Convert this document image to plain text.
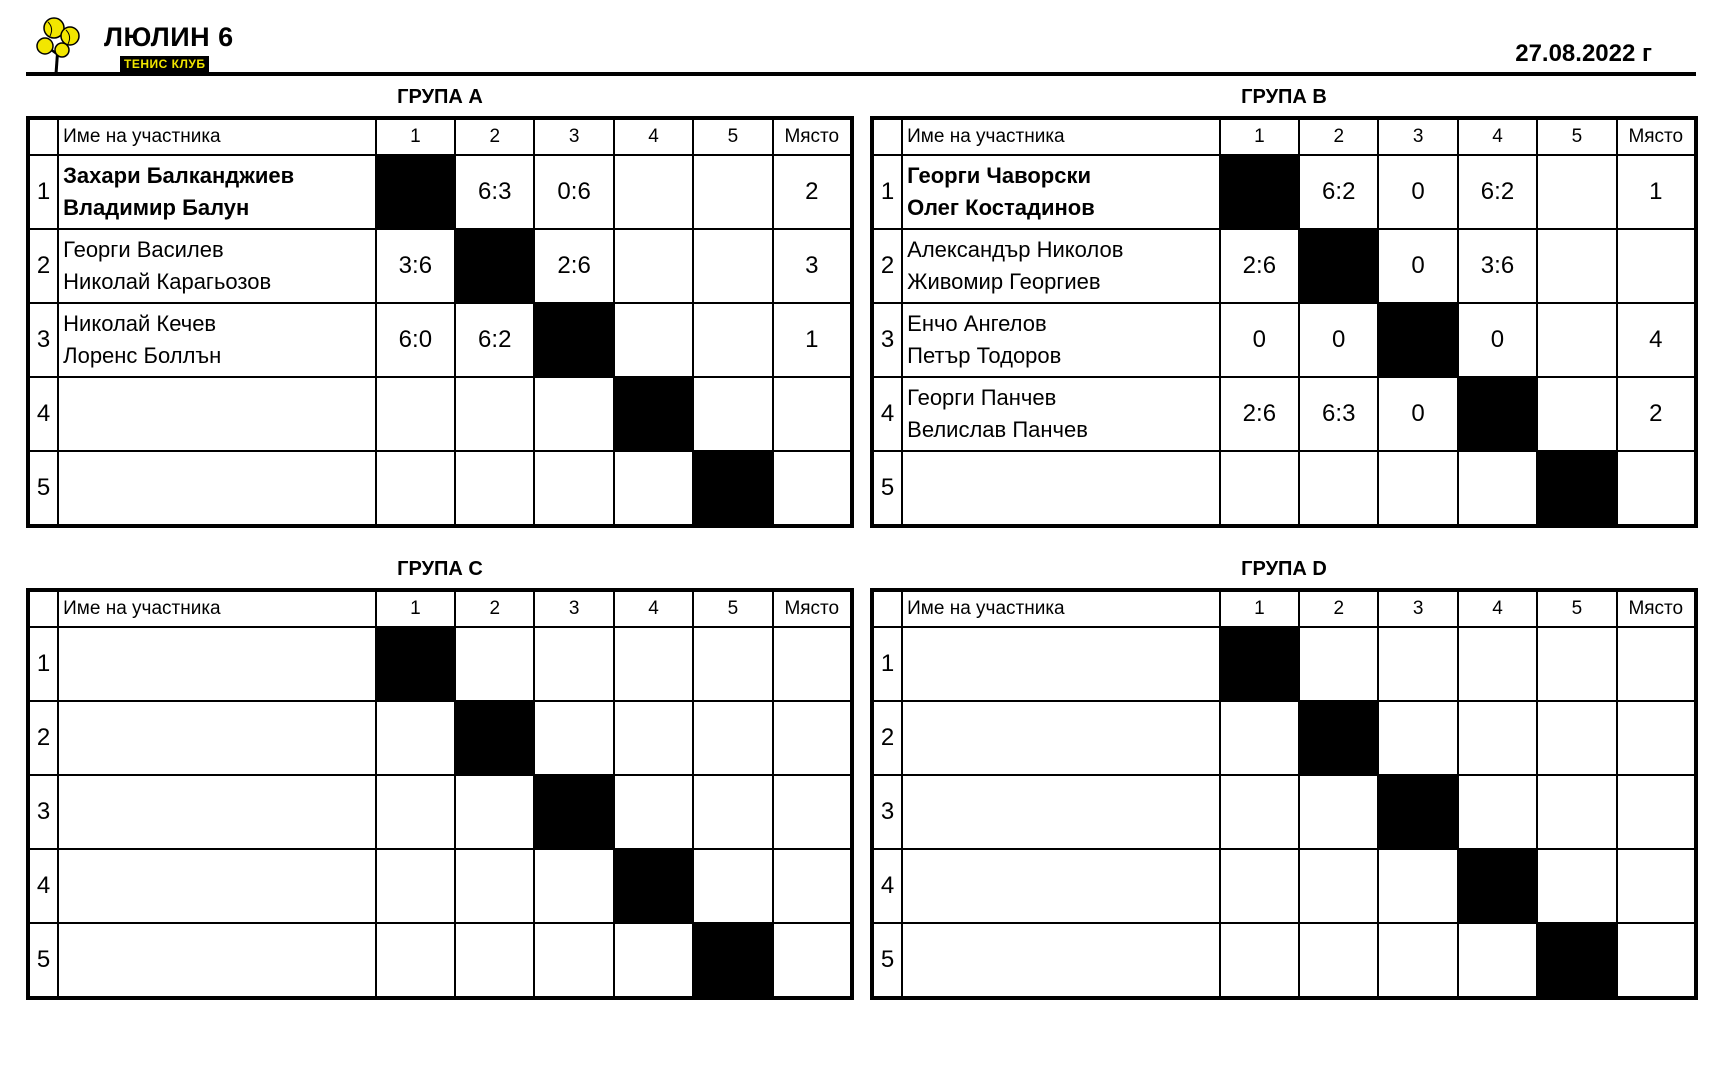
ЛЮЛИН 6
ТЕНИС КЛУБ	27.08.2022 г
ГРУПА А
	Име на участника	1	2	3	4	5	Място
1	Захари Балканджиев
Владимир Балун		6:3	0:6			2
2	Георги Василев
Николай Карагьозов	3:6		2:6			3
3	Николай Кечев
Лоренс Боллън	6:0	6:2				1
4	

5	

ГРУПА В
	Име на участника	1	2	3	4	5	Място
1	Георги Чаворски
Олег Костадинов		6:2	0	6:2		1
2	Александър Николов
Живомир Георгиев	2:6		0	3:6		
3	Енчо Ангелов
Петър Тодоров	0	0		0		4
4	Георги Панчев
Велислав Панчев	2:6	6:3	0			2
5	

ГРУПА С
	Име на участника	1	2	3	4	5	Място
1	

2	

3	

4	

5	

ГРУПА D
	Име на участника	1	2	3	4	5	Място
1	

2	

3	

4	

5	
